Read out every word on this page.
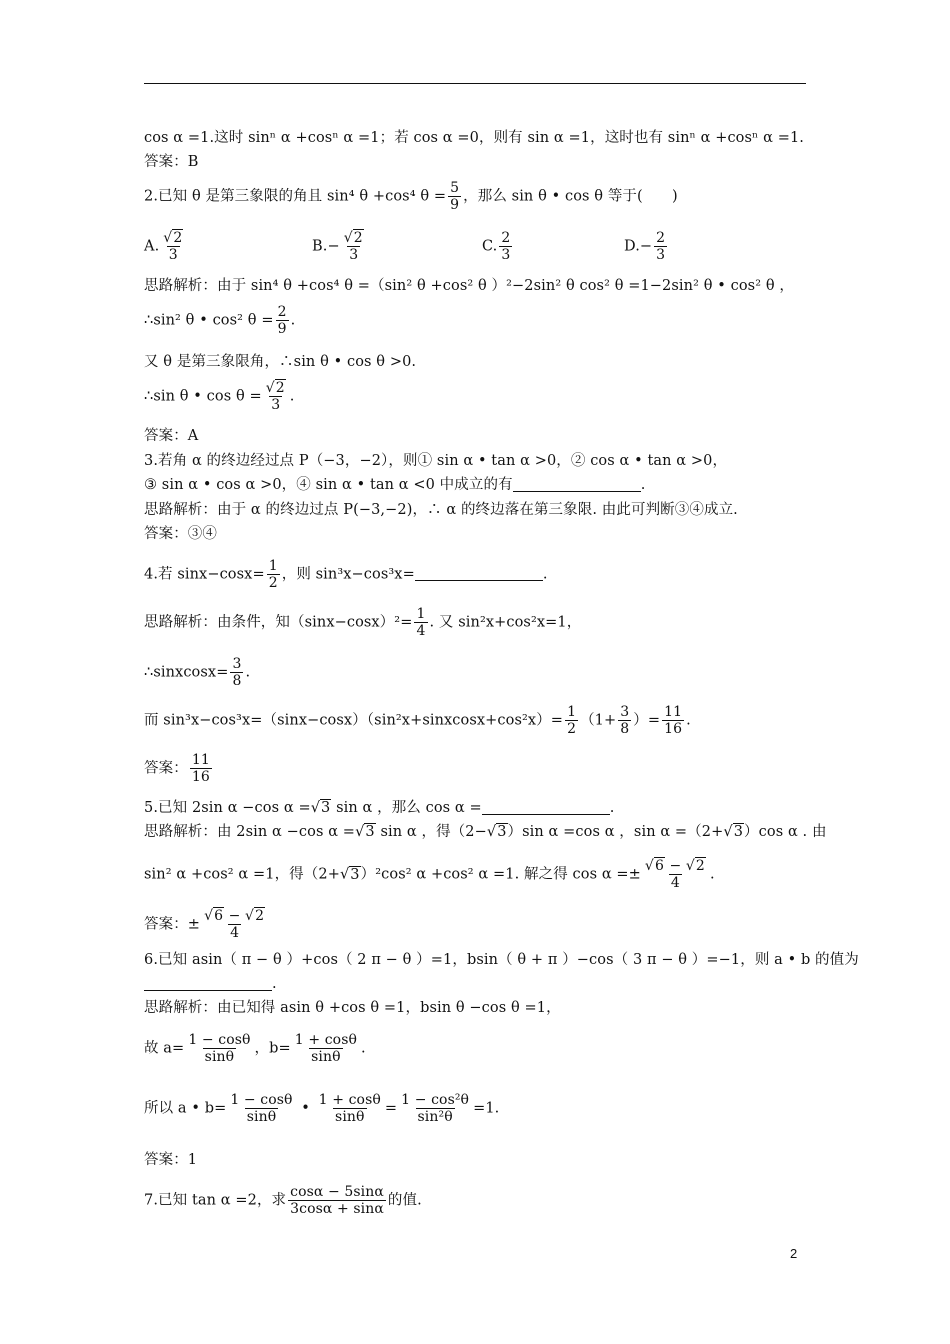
cos α =1.这时 sinⁿ α +cosⁿ α =1；若 cos α =0，则有 sin α =1，这时也有 sinⁿ α +cosⁿ α =1.
答案：B
2.已知 θ 是第三象限的角且 sin⁴ θ +cos⁴ $\theta = \frac{5}{9}$ ，那么 sin θ • cos θ 等于(　　)
A. $\frac{√2}{3}$	$B.- \frac{√2}{3}$	C. $\frac{2}{3}$	$D.- \frac{2}{3}$
思路解析：由于 sin⁴ θ +cos⁴ θ =（sin² θ +cos² θ ）²−2sin² θ cos² θ =1−2sin² θ • cos² θ ，
∴sin² θ • cos² $\theta = \frac{2}{9}$ .
又 θ 是第三象限角，∴sin θ • cos θ >0.
∴sin θ • $\cos \theta = \frac{√2}{3}$ .
答案：A
3.若角 α 的终边经过点 P（−3，−2），则① sin α • tan α >0，② cos α • tan α >0，
③ sin α • cos α >0，④ sin α • tan α <0 中成立的有	.
思路解析：由于 α 的终边过点 P(−3,−2)，∴ α 的终边落在第三象限. 由此可判断③④成立.
答案：③④
4.若 $\sin x-\cos x= \frac{1}{2}$ ，则 sin³x−cos³x=	.
思路解析：由条件，知$(\sin x-\cos x)^2= \frac{1}{4}$ . 又 sin²x+cos²x=1，
∴sinxcosx= $\frac{3}{8}$ .
而 sin³x−cos³x=（sinx−cosx）（sin²x+sinxcosx+cos²x）= $\frac{1}{2} (1+ \frac{3}{8}$ ）= $\frac{11}{16}$ .
答案： $\frac{11}{16}$
5.已知 2sin α −cos α =√3 sin α ，那么 cos α =	.
思路解析：由 2sin α −cos α =√3 sin α ，得（2−√3）sin α =cos α ，sin α =（2+√3）cos α . 由
sin² α +cos² α =1，得（2+√3）²cos² α +cos² α =1. 解之得 $\cos \alpha =\pm \frac{√6 - √2}{4}$ .
答案：± $\frac{√6 - √2}{4}$
6.已知 asin（ π − θ ）+cos（ 2 π − θ ）=1，bsin（ θ + π ）−cos（ 3 π − θ ）=−1，则 a • b 的值为
.
思路解析：由已知得 asin θ +cos θ =1，bsin θ −cos θ =1，
故 $a= \frac{1 - \cos\theta}{\sin\theta}$ ，$b= \frac{1 + \cos\theta}{\sin\theta}$ .
所以 a • $b= \frac{1 - \cos\theta}{\sin\theta}$ • $\frac{1 + \cos\theta}{\sin\theta} = \frac{\text{1 − cos²θ}}{\text{sin²θ}} =1$.
答案：1
7.已知 tan α =2，求 $\frac{\cos\alpha - 5\sin\alpha}{3\cos\alpha + \sin\alpha}$ 的值.
2
